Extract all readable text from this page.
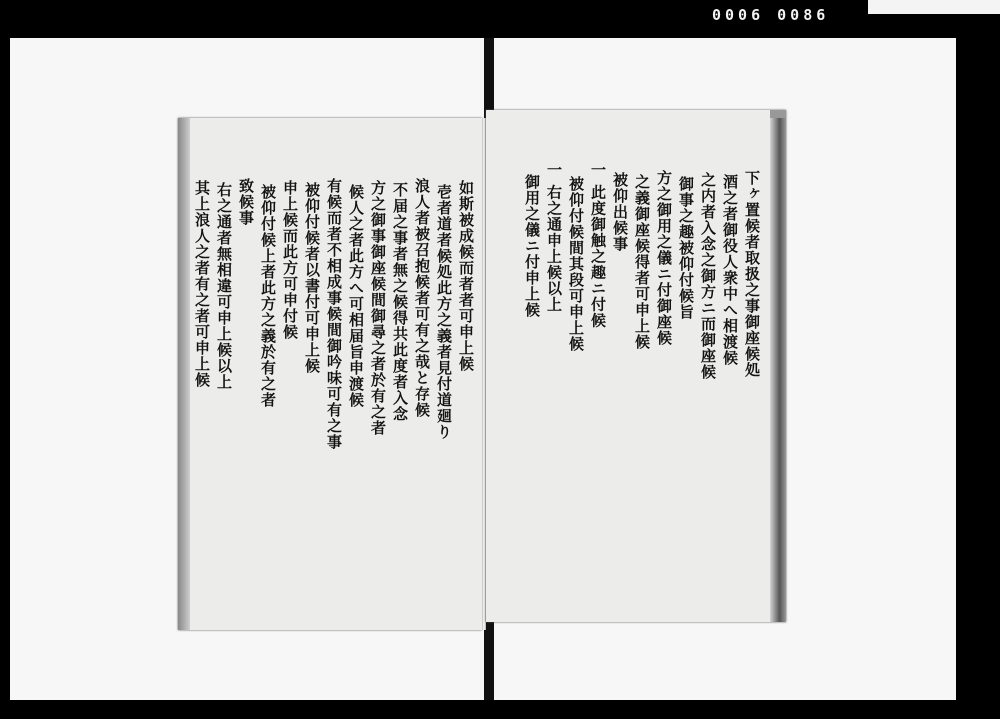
0006 0086
如斯被成候而者者可申上候
壱者道者候処此方之義者見付道廻り
浪人者被召抱候者可有之哉と存候
不届之事者無之候得共此度者入念
方之御事御座候間御尋之者於有之者
候人之者此方へ可相届旨申渡候
有候而者不相成事候間御吟味可有之事
被仰付候者以書付可申上候
申上候而此方可申付候
被仰付候上者此方之義於有之者
致候事
右之通者無相違可申上候以上
其上浪人之者有之者可申上候	下ヶ置候者取扱之事御座候処
酒之者御役人衆中へ相渡候
之内者入念之御方ニ而御座候
御事之趣被仰付候旨
方之御用之儀ニ付御座候
之義御座候得者可申上候
被仰出候事
一 此度御触之趣ニ付候
被仰付候間其段可申上候
一 右之通申上候以上
御用之儀ニ付申上候
